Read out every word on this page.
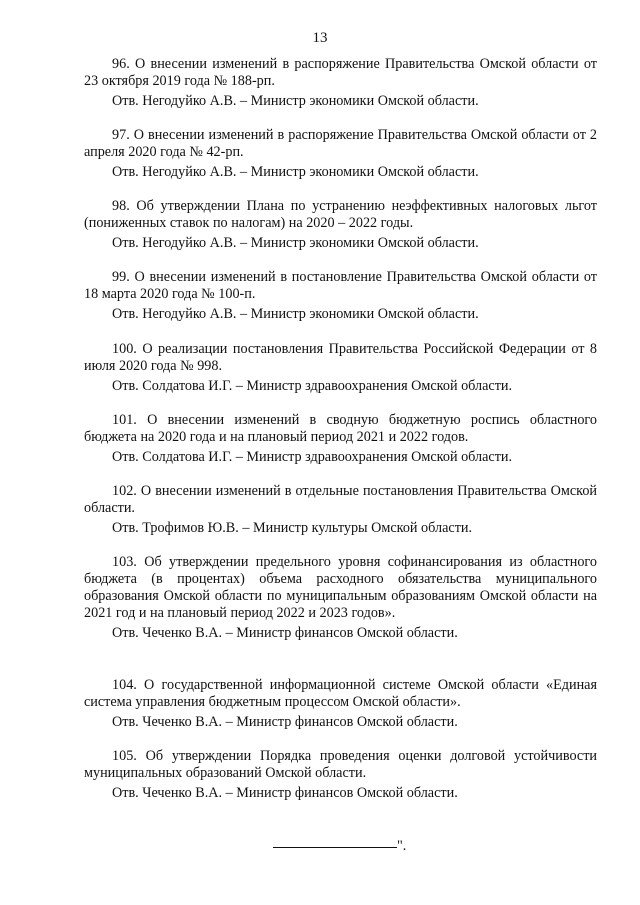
13

96. О внесении изменений в распоряжение Правительства Омской области от 23 октября 2019 года № 188-рп.

Отв. Негодуйко А.В. – Министр экономики Омской области.

97. О внесении изменений в распоряжение Правительства Омской области от 2 апреля 2020 года № 42-рп.

Отв. Негодуйко А.В. – Министр экономики Омской области.

98. Об утверждении Плана по устранению неэффективных налоговых льгот (пониженных ставок по налогам) на 2020 – 2022 годы.

Отв. Негодуйко А.В. – Министр экономики Омской области.

99. О внесении изменений в постановление Правительства Омской области от 18 марта 2020 года № 100-п.

Отв. Негодуйко А.В. – Министр экономики Омской области.

100. О реализации постановления Правительства Российской Федерации от 8 июля 2020 года № 998.

Отв. Солдатова И.Г. – Министр здравоохранения Омской области.

101. О внесении изменений в сводную бюджетную роспись областного бюджета на 2020 года и на плановый период 2021 и 2022 годов.

Отв. Солдатова И.Г. – Министр здравоохранения Омской области.

102. О внесении изменений в отдельные постановления Правительства Омской области.

Отв. Трофимов Ю.В. – Министр культуры Омской области.

103. Об утверждении предельного уровня софинансирования из областного бюджета (в процентах) объема расходного обязательства муниципального образования Омской области по муниципальным образованиям Омской области на 2021 год и на плановый период 2022 и 2023 годов».

Отв. Чеченко В.А. – Министр финансов Омской области.

104. О государственной информационной системе Омской области «Единая система управления бюджетным процессом Омской области».

Отв. Чеченко В.А. – Министр финансов Омской области.

105. Об утверждении Порядка проведения оценки долговой устойчивости муниципальных образований Омской области.

Отв. Чеченко В.А. – Министр финансов Омской области.

".
